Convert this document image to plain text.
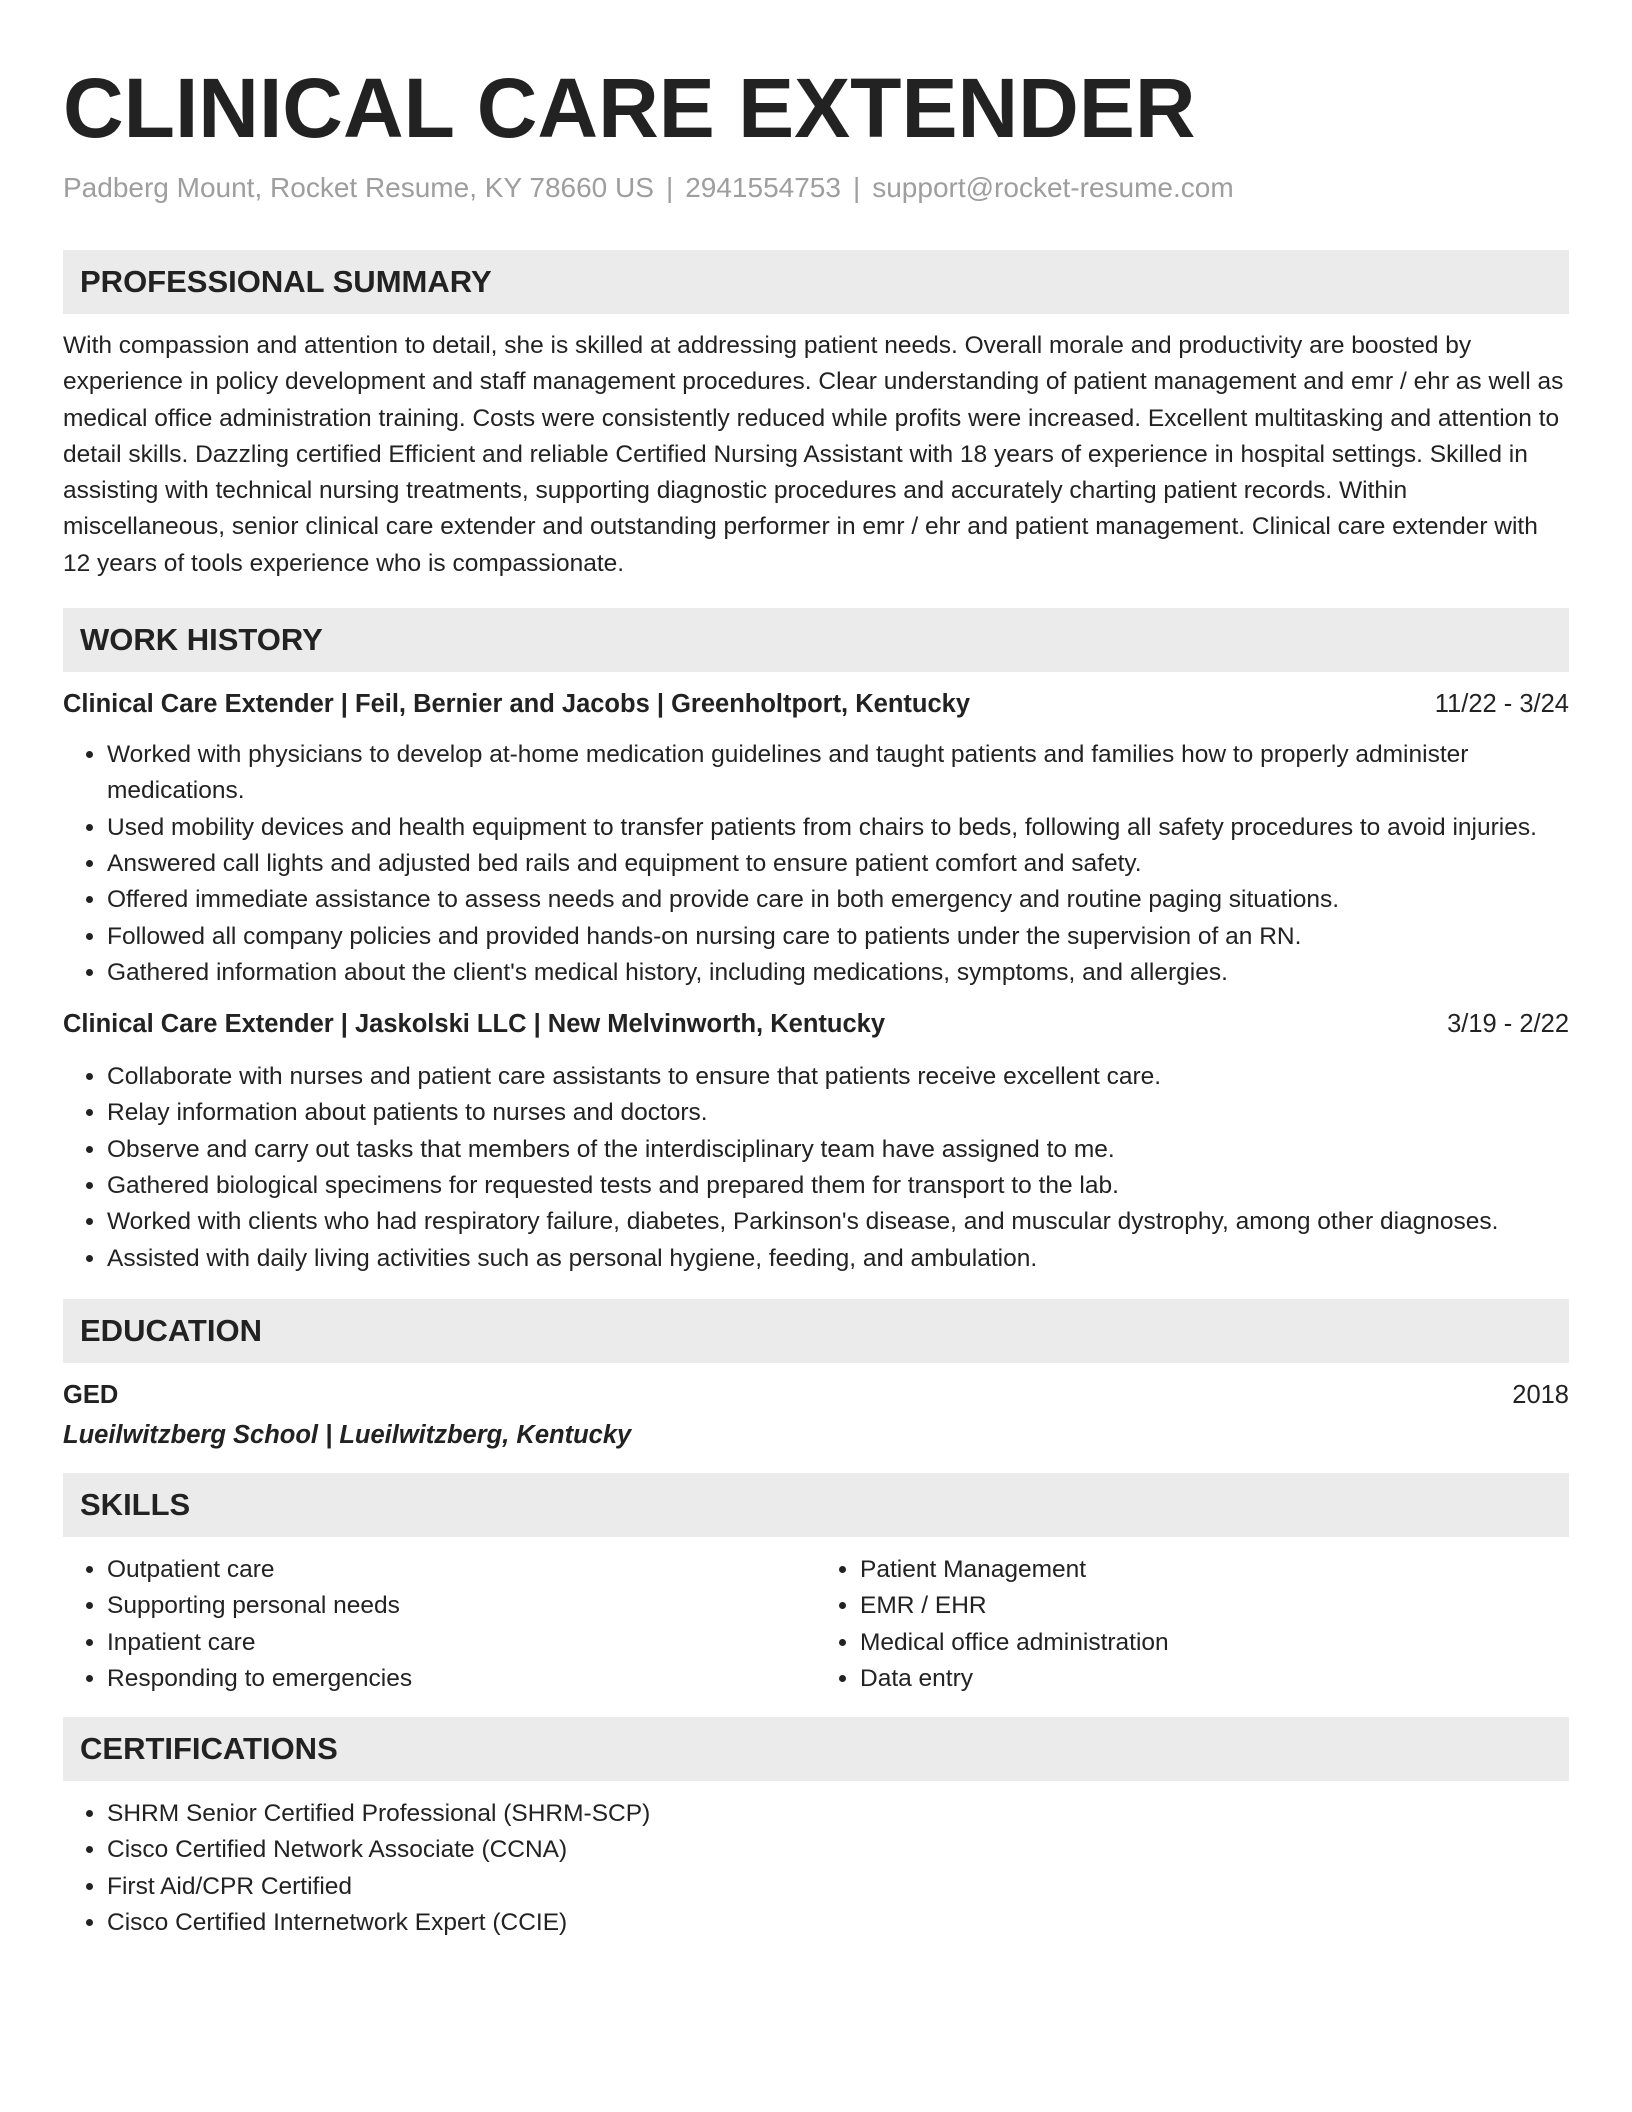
CLINICAL CARE EXTENDER
Padberg Mount, Rocket Resume, KY 78660 US | 2941554753 | support@rocket-resume.com
PROFESSIONAL SUMMARY

With compassion and attention to detail, she is skilled at addressing patient needs. Overall morale and productivity are boosted by experience in policy development and staff management procedures. Clear understanding of patient management and emr / ehr as well as medical office administration training. Costs were consistently reduced while profits were increased. Excellent multitasking and attention to detail skills. Dazzling certified Efficient and reliable Certified Nursing Assistant with 18 years of experience in hospital settings. Skilled in assisting with technical nursing treatments, supporting diagnostic procedures and accurately charting patient records. Within miscellaneous, senior clinical care extender and outstanding performer in emr / ehr and patient management. Clinical care extender with 12 years of tools experience who is compassionate.

WORK HISTORY
Clinical Care Extender | Feil, Bernier and Jacobs | Greenholtport, Kentucky	11/22 - 3/24
• Worked with physicians to develop at-home medication guidelines and taught patients and families how to properly administer medications.
• Used mobility devices and health equipment to transfer patients from chairs to beds, following all safety procedures to avoid injuries.
• Answered call lights and adjusted bed rails and equipment to ensure patient comfort and safety.
• Offered immediate assistance to assess needs and provide care in both emergency and routine paging situations.
• Followed all company policies and provided hands-on nursing care to patients under the supervision of an RN.
• Gathered information about the client's medical history, including medications, symptoms, and allergies.
Clinical Care Extender | Jaskolski LLC | New Melvinworth, Kentucky	3/19 - 2/22
• Collaborate with nurses and patient care assistants to ensure that patients receive excellent care.
• Relay information about patients to nurses and doctors.
• Observe and carry out tasks that members of the interdisciplinary team have assigned to me.
• Gathered biological specimens for requested tests and prepared them for transport to the lab.
• Worked with clients who had respiratory failure, diabetes, Parkinson's disease, and muscular dystrophy, among other diagnoses.
• Assisted with daily living activities such as personal hygiene, feeding, and ambulation.
EDUCATION
GED	2018
Lueilwitzberg School | Lueilwitzberg, Kentucky
SKILLS
• Outpatient care
• Supporting personal needs
• Inpatient care
• Responding to emergencies
• Patient Management
• EMR / EHR
• Medical office administration
• Data entry
CERTIFICATIONS
• SHRM Senior Certified Professional (SHRM-SCP)
• Cisco Certified Network Associate (CCNA)
• First Aid/CPR Certified
• Cisco Certified Internetwork Expert (CCIE)
